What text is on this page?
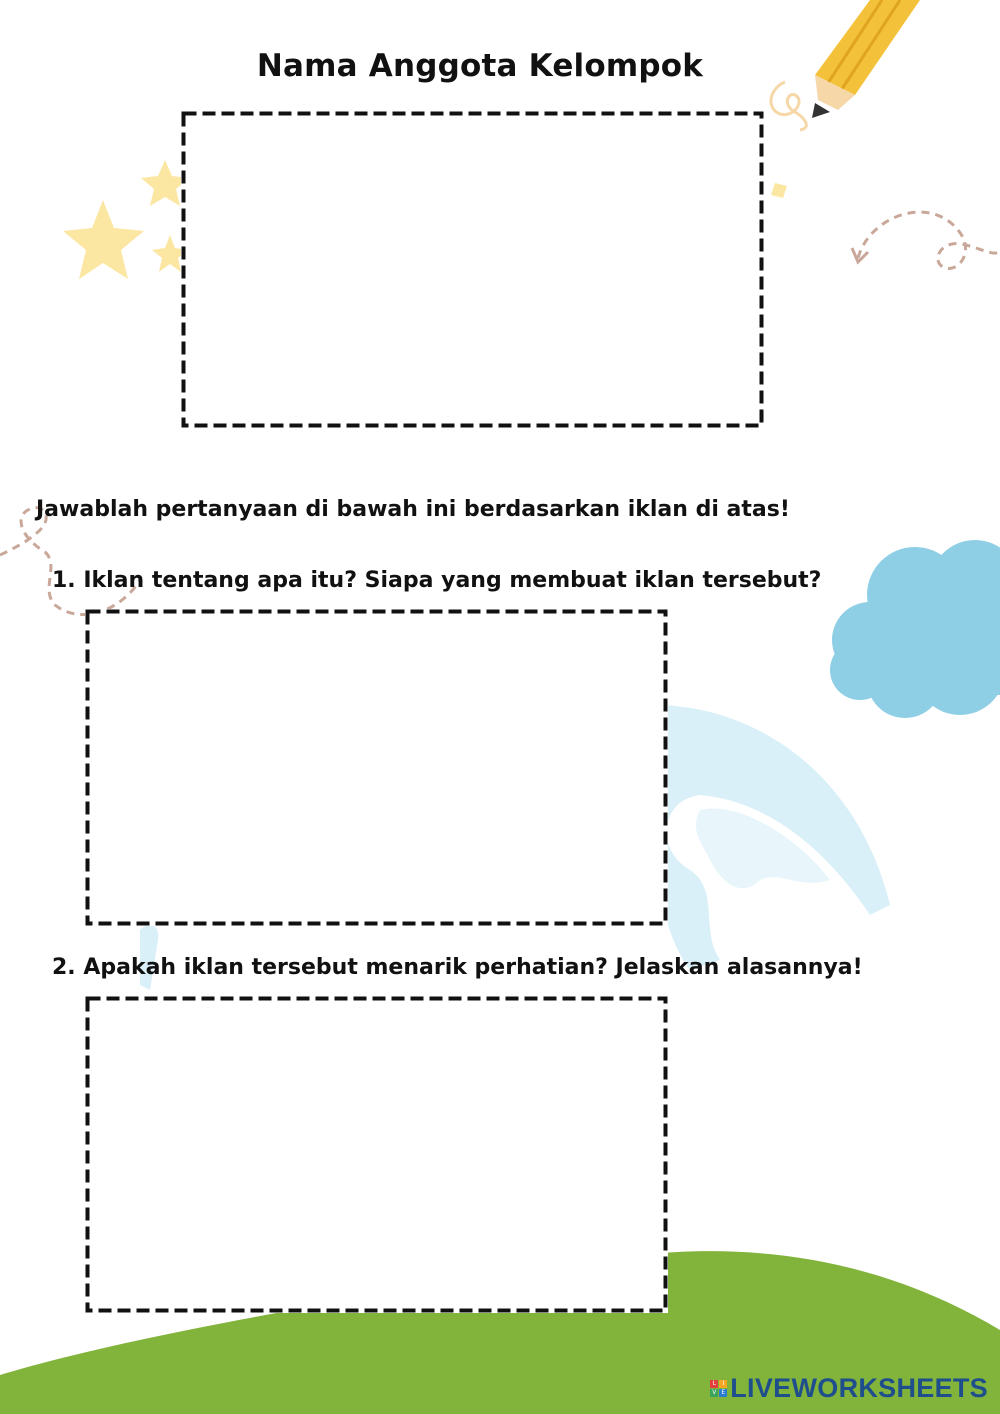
Nama Anggota Kelompok
Jawablah pertanyaan di bawah ini berdasarkan iklan di atas!
1. Iklan tentang apa itu? Siapa yang membuat iklan tersebut?
2. Apakah iklan tersebut menarik perhatian? Jelaskan alasannya!
L	I
V E LIVEWORKSHEETS
